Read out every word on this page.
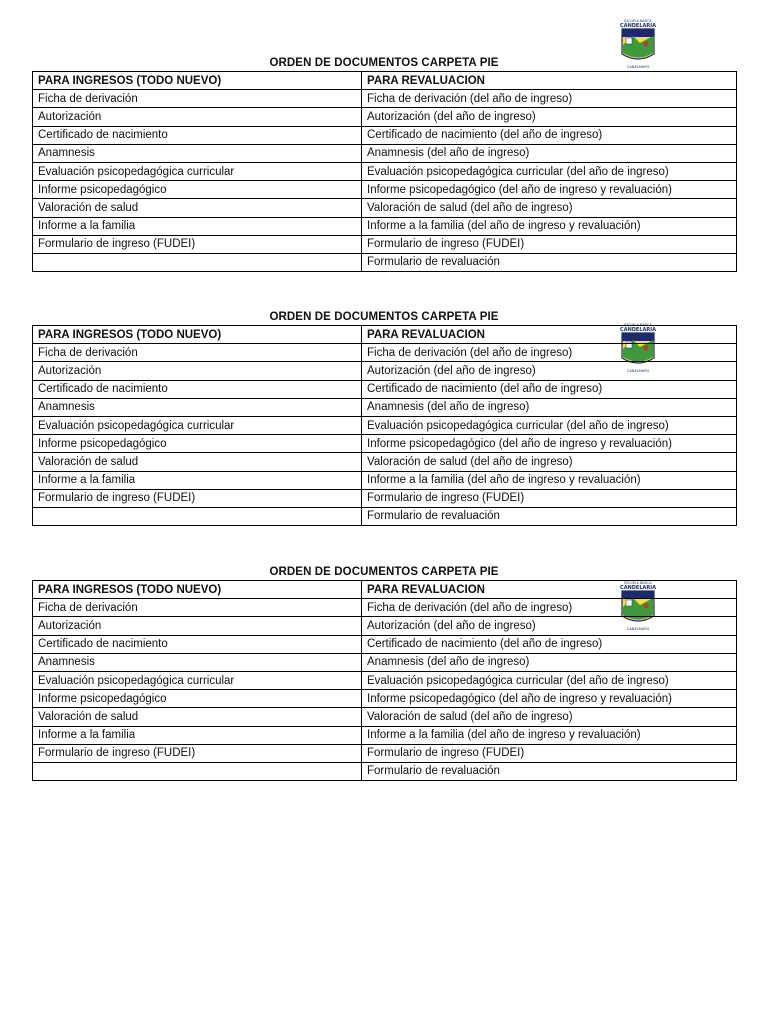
ESCUELA BASICA
CANDELARIA
CANELMAPU
ESCUELA BASICA
CANDELARIA
CANELMAPU
ESCUELA BASICA
CANDELARIA
CANELMAPU
ORDEN DE DOCUMENTOS CARPETA PIE
PARA INGRESOS (TODO NUEVO)	PARA REVALUACION
Ficha de derivación	Ficha de derivación (del año de ingreso)
Autorización	Autorización (del año de ingreso)
Certificado de nacimiento	Certificado de nacimiento (del año de ingreso)
Anamnesis	Anamnesis (del año de ingreso)
Evaluación psicopedagógica curricular	Evaluación psicopedagógica curricular (del año de ingreso)
Informe psicopedagógico	Informe psicopedagógico (del año de ingreso y revaluación)
Valoración de salud	Valoración de salud (del año de ingreso)
Informe a la familia	Informe a la familia (del año de ingreso y revaluación)
Formulario de ingreso (FUDEI)	Formulario de ingreso (FUDEI)
	Formulario de revaluación
ORDEN DE DOCUMENTOS CARPETA PIE
PARA INGRESOS (TODO NUEVO)	PARA REVALUACION
Ficha de derivación	Ficha de derivación (del año de ingreso)
Autorización	Autorización (del año de ingreso)
Certificado de nacimiento	Certificado de nacimiento (del año de ingreso)
Anamnesis	Anamnesis (del año de ingreso)
Evaluación psicopedagógica curricular	Evaluación psicopedagógica curricular (del año de ingreso)
Informe psicopedagógico	Informe psicopedagógico (del año de ingreso y revaluación)
Valoración de salud	Valoración de salud (del año de ingreso)
Informe a la familia	Informe a la familia (del año de ingreso y revaluación)
Formulario de ingreso (FUDEI)	Formulario de ingreso (FUDEI)
	Formulario de revaluación
ORDEN DE DOCUMENTOS CARPETA PIE
PARA INGRESOS (TODO NUEVO)	PARA REVALUACION
Ficha de derivación	Ficha de derivación (del año de ingreso)
Autorización	Autorización (del año de ingreso)
Certificado de nacimiento	Certificado de nacimiento (del año de ingreso)
Anamnesis	Anamnesis (del año de ingreso)
Evaluación psicopedagógica curricular	Evaluación psicopedagógica curricular (del año de ingreso)
Informe psicopedagógico	Informe psicopedagógico (del año de ingreso y revaluación)
Valoración de salud	Valoración de salud (del año de ingreso)
Informe a la familia	Informe a la familia (del año de ingreso y revaluación)
Formulario de ingreso (FUDEI)	Formulario de ingreso (FUDEI)
	Formulario de revaluación
